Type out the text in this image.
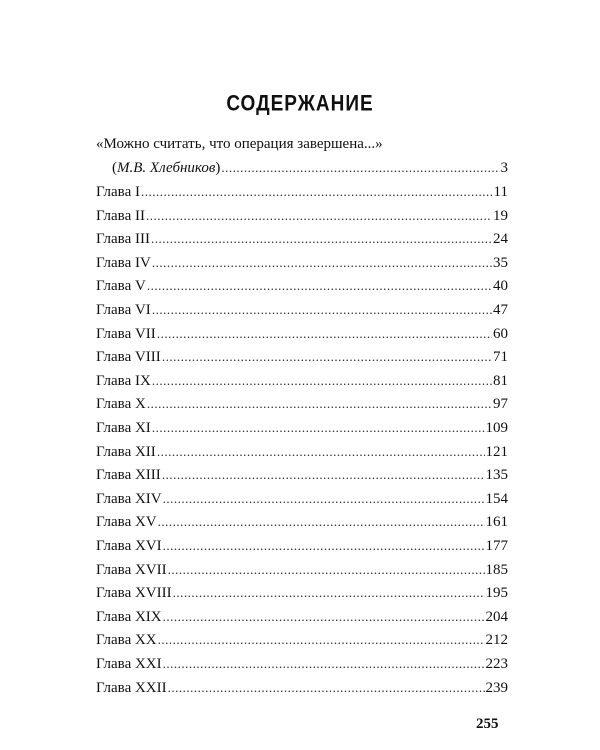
СОДЕРЖАНИЕ
«Можно считать, что операция завершена...»
(М.В. Хлебников) .....	3
Глава I .....	11
Глава II .....	19
Глава III .....	24
Глава IV .....	35
Глава V .....	40
Глава VI .....	47
Глава VII .....	60
Глава VIII .....	71
Глава IX .....	81
Глава X .....	97
Глава XI .....	109
Глава XII .....	121
Глава XIII .....	135
Глава XIV .....	154
Глава XV .....	161
Глава XVI .....	177
Глава XVII .....	185
Глава XVIII .....	195
Глава XIX .....	204
Глава XX .....	212
Глава XXI .....	223
Глава XXII .....	239
255
